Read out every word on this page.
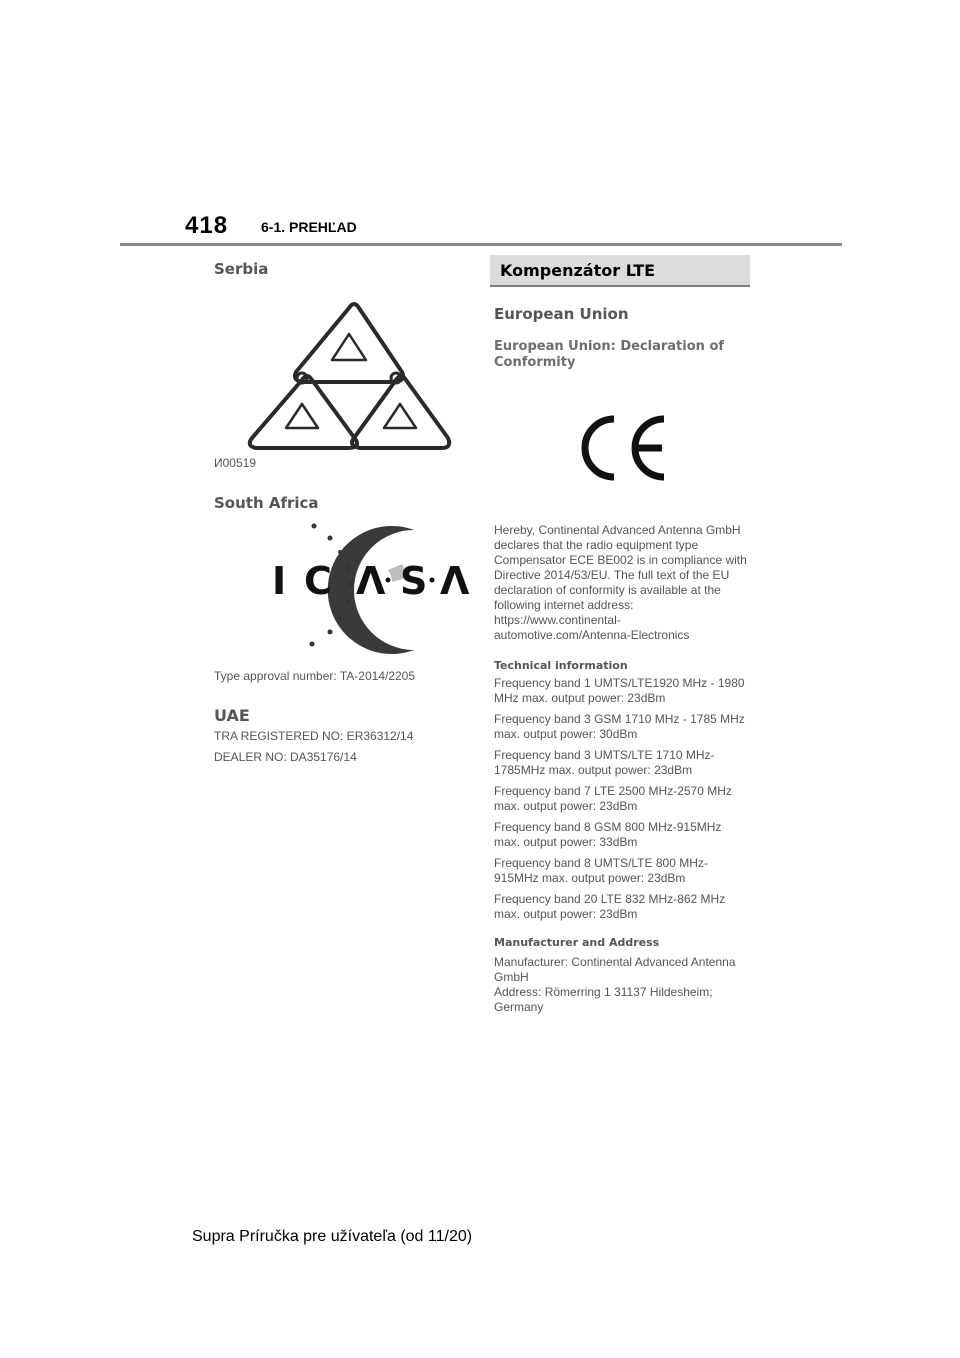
418 6-1. PREHĽAD
Serbia

И00519

South Africa
I C Λ S Λ

Type approval number: TA-2014/2205

UAE

TRA REGISTERED NO: ER36312/14

DEALER NO: DA35176/14

Kompenzátor LTE
European Union
European Union: Declaration of Conformity

Hereby, Continental Advanced Antenna GmbH declares that the radio equipment type Compensator ECE BE002 is in compliance with Directive 2014/53/EU. The full text of the EU declaration of conformity is available at the following internet address: https://www.continental-automotive.com/Antenna-Electronics

Technical information

Frequency band 1 UMTS/LTE1920 MHz - 1980 MHz max. output power: 23dBm

Frequency band 3 GSM 1710 MHz - 1785 MHz max. output power: 30dBm

Frequency band 3 UMTS/LTE 1710 MHz-1785MHz max. output power: 23dBm

Frequency band 7 LTE 2500 MHz-2570 MHz max. output power: 23dBm

Frequency band 8 GSM 800 MHz-915MHz max. output power: 33dBm

Frequency band 8 UMTS/LTE 800 MHz-915MHz max. output power: 23dBm

Frequency band 20 LTE 832 MHz-862 MHz max. output power: 23dBm

Manufacturer and Address

Manufacturer: Continental Advanced Antenna GmbH

Address: Römerring 1 31137 Hildesheim; Germany

Supra Príručka pre užívateľa (od 11/20)
